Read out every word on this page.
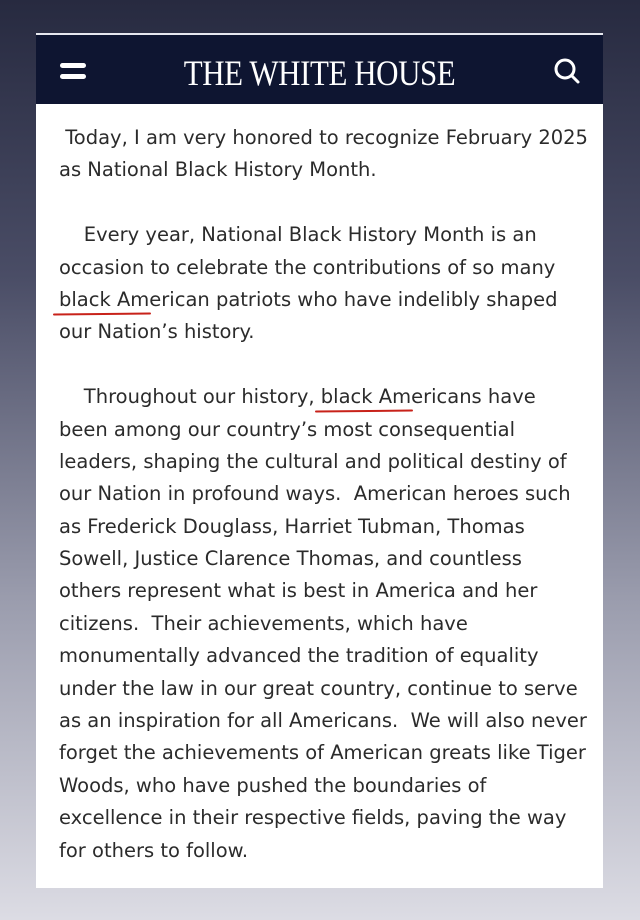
THE WHITE HOUSE
Today, I am very honored to recognize February 2025
as National Black History Month.
Every year, National Black History Month is an
occasion to celebrate the contributions of so many
black American patriots who have indelibly shaped
our Nation’s history.
Throughout our history, black Americans have
been among our country’s most consequential
leaders, shaping the cultural and political destiny of
our Nation in profound ways.  American heroes such
as Frederick Douglass, Harriet Tubman, Thomas
Sowell, Justice Clarence Thomas, and countless
others represent what is best in America and her
citizens.  Their achievements, which have
monumentally advanced the tradition of equality
under the law in our great country, continue to serve
as an inspiration for all Americans.  We will also never
forget the achievements of American greats like Tiger
Woods, who have pushed the boundaries of
excellence in their respective fields, paving the way
for others to follow.
